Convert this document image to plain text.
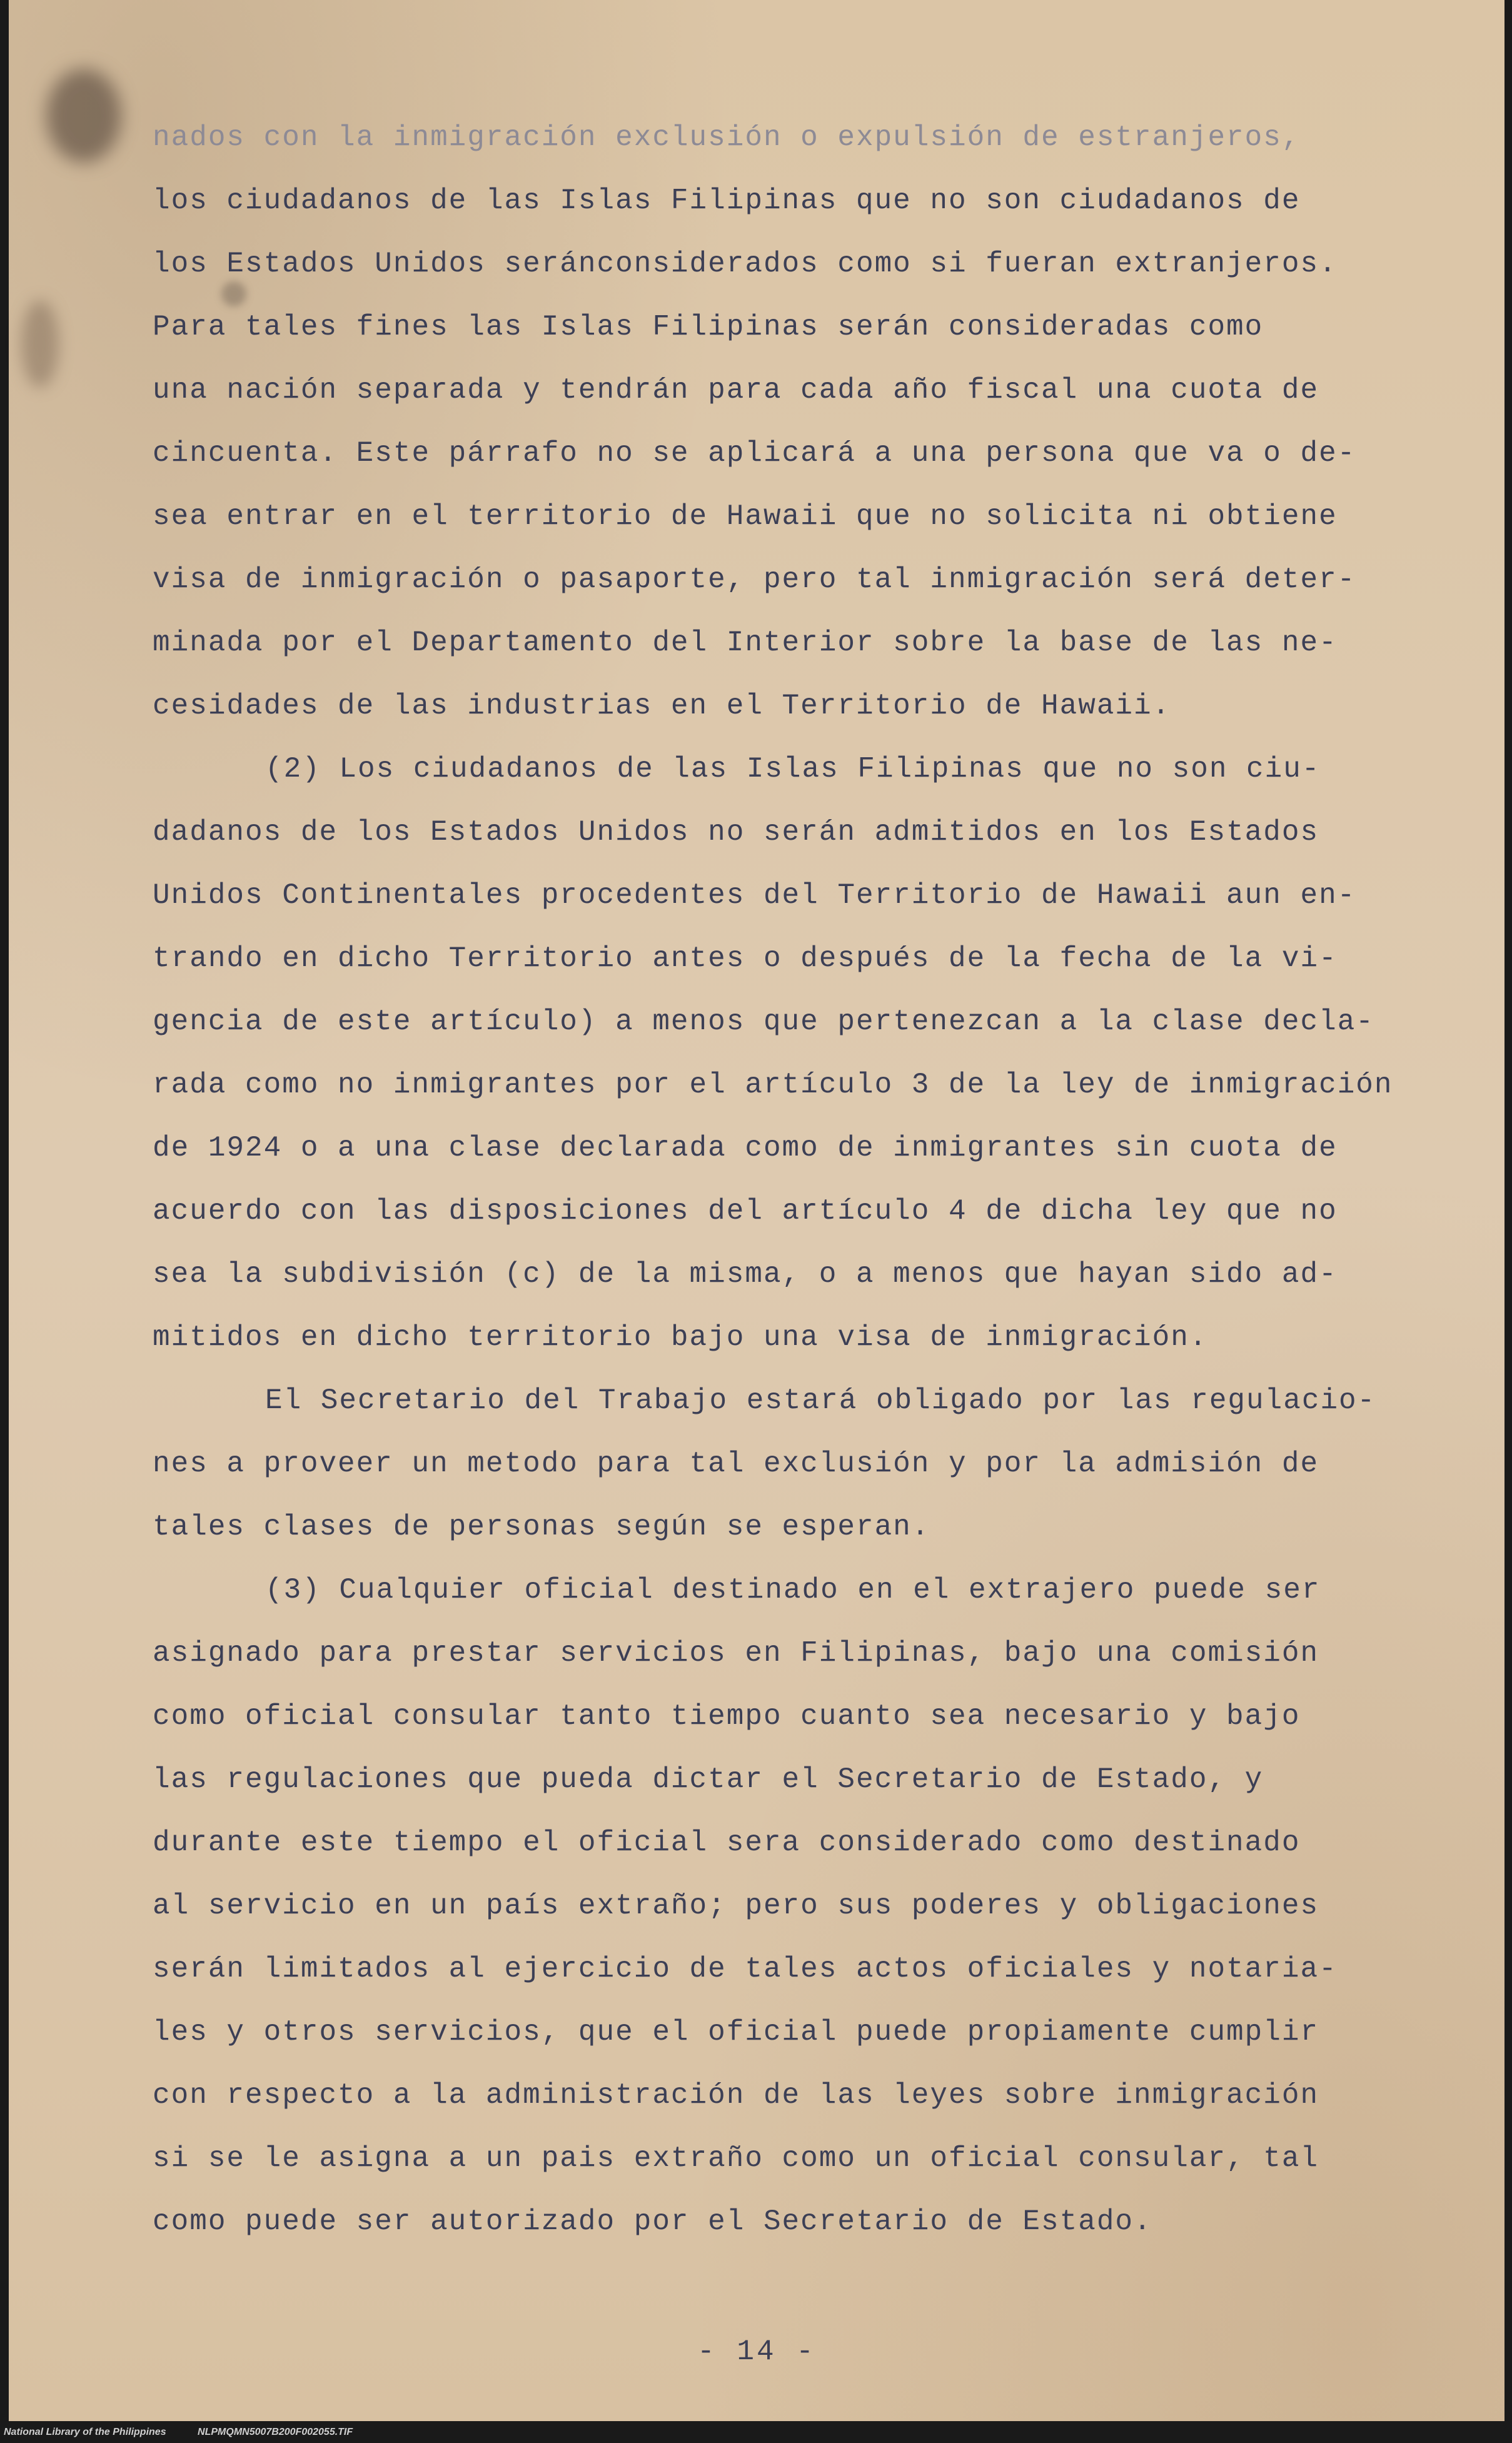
nados con la inmigración exclusión o expulsión de estranjeros,
los ciudadanos de las Islas Filipinas que no son ciudadanos de
los Estados Unidos seránconsiderados como si fueran extranjeros.
Para tales fines las Islas Filipinas serán consideradas como
una nación separada y tendrán para cada año fiscal una cuota de
cincuenta. Este párrafo no se aplicará a una persona que va o de-
sea entrar en el territorio de Hawaii que no solicita ni obtiene
visa de inmigración o pasaporte, pero tal inmigración será deter-
minada por el Departamento del Interior sobre la base de las ne-
cesidades de las industrias en el Territorio de Hawaii.
(2) Los ciudadanos de las Islas Filipinas que no son ciu-
dadanos de los Estados Unidos no serán admitidos en los Estados
Unidos Continentales procedentes del Territorio de Hawaii aun en-
trando en dicho Territorio antes o después de la fecha de la vi-
gencia de este artículo) a menos que pertenezcan a la clase decla-
rada como no inmigrantes por el artículo 3 de la ley de inmigración
de 1924 o a una clase declarada como de inmigrantes sin cuota de
acuerdo con las disposiciones del artículo 4 de dicha ley que no
sea la subdivisión (c) de la misma, o a menos que hayan sido ad-
mitidos en dicho territorio bajo una visa de inmigración.
El Secretario del Trabajo estará obligado por las regulacio-
nes a proveer un metodo para tal exclusión y por la admisión de
tales clases de personas según se esperan.
(3) Cualquier oficial destinado en el extrajero puede ser
asignado para prestar servicios en Filipinas, bajo una comisión
como oficial consular tanto tiempo cuanto sea necesario y bajo
las regulaciones que pueda dictar el Secretario de Estado, y
durante este tiempo el oficial sera considerado como destinado
al servicio en un país extraño; pero sus poderes y obligaciones
serán limitados al ejercicio de tales actos oficiales y notaria-
les y otros servicios, que el oficial puede propiamente cumplir
con respecto a la administración de las leyes sobre inmigración
si se le asigna a un pais extraño como un oficial consular, tal
como puede ser autorizado por el Secretario de Estado.
- 14 -
National Library of the Philippines	NLPMQMN5007B200F002055.TIF
